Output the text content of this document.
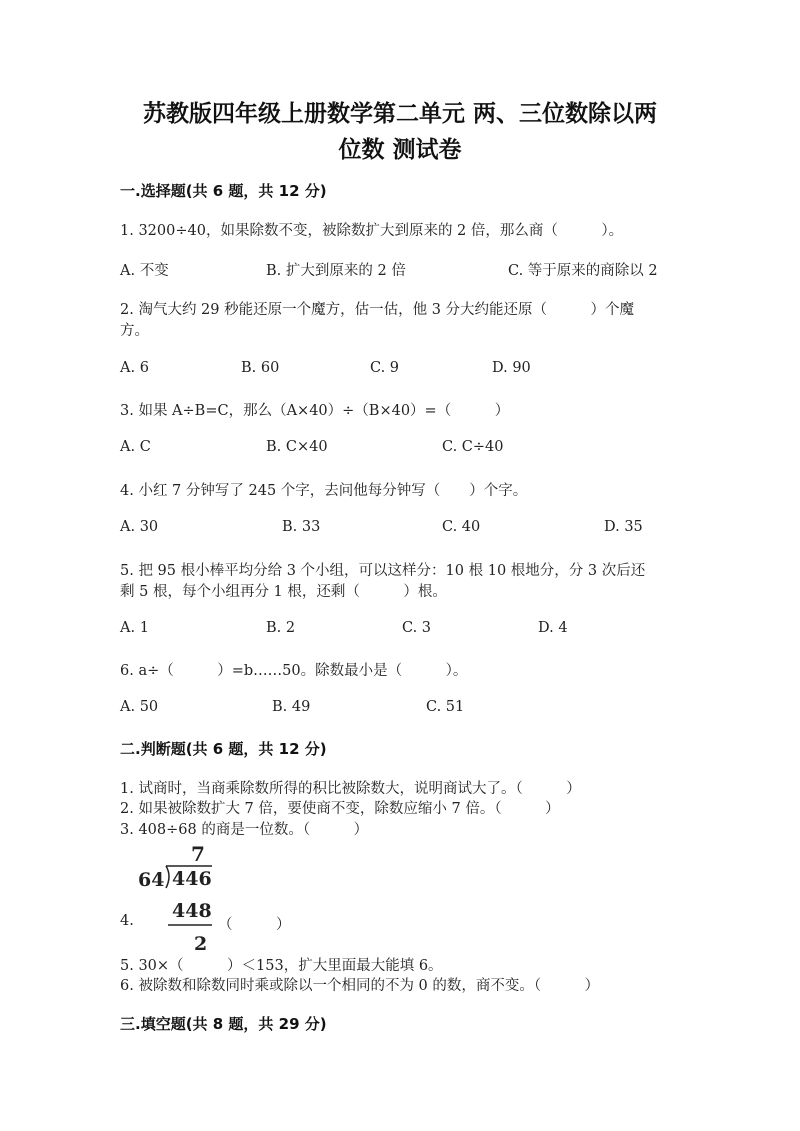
苏教版四年级上册数学第二单元 两、三位数除以两
位数 测试卷
一.选择题(共 6 题，共 12 分)
1. 3200÷40，如果除数不变，被除数扩大到原来的 2 倍，那么商（　　　）。
A. 不变	B. 扩大到原来的 2 倍	C. 等于原来的商除以 2
2. 淘气大约 29 秒能还原一个魔方，估一估，他 3 分大约能还原（　　　）个魔
方。
A. 6	B. 60	C. 9	D. 90
3. 如果 A÷B=C，那么（A×40）÷（B×40）=（　　　）
A. C	B. C×40	C. C÷40
4. 小红 7 分钟写了 245 个字，去问他每分钟写（　　）个字。
A. 30	B. 33	C. 40	D. 35
5. 把 95 根小棒平均分给 3 个小组，可以这样分：10 根 10 根地分，分 3 次后还
剩 5 根，每个小组再分 1 根，还剩（　　　）根。
A. 1	B. 2	C. 3	D. 4
6. a÷（　　　）=b……50。除数最小是（　　　）。
A. 50	B. 49	C. 51
二.判断题(共 6 题，共 12 分)
1. 试商时，当商乘除数所得的积比被除数大，说明商试大了。（　　　）
2. 如果被除数扩大 7 倍，要使商不变，除数应缩小 7 倍。（　　　）
3. 408÷68 的商是一位数。（　　　）
7
64 446
448
2
4.	（　　　）
5. 30×（　　　）＜153，扩大里面最大能填 6。
6. 被除数和除数同时乘或除以一个相同的不为 0 的数，商不变。（　　　）
三.填空题(共 8 题，共 29 分)
